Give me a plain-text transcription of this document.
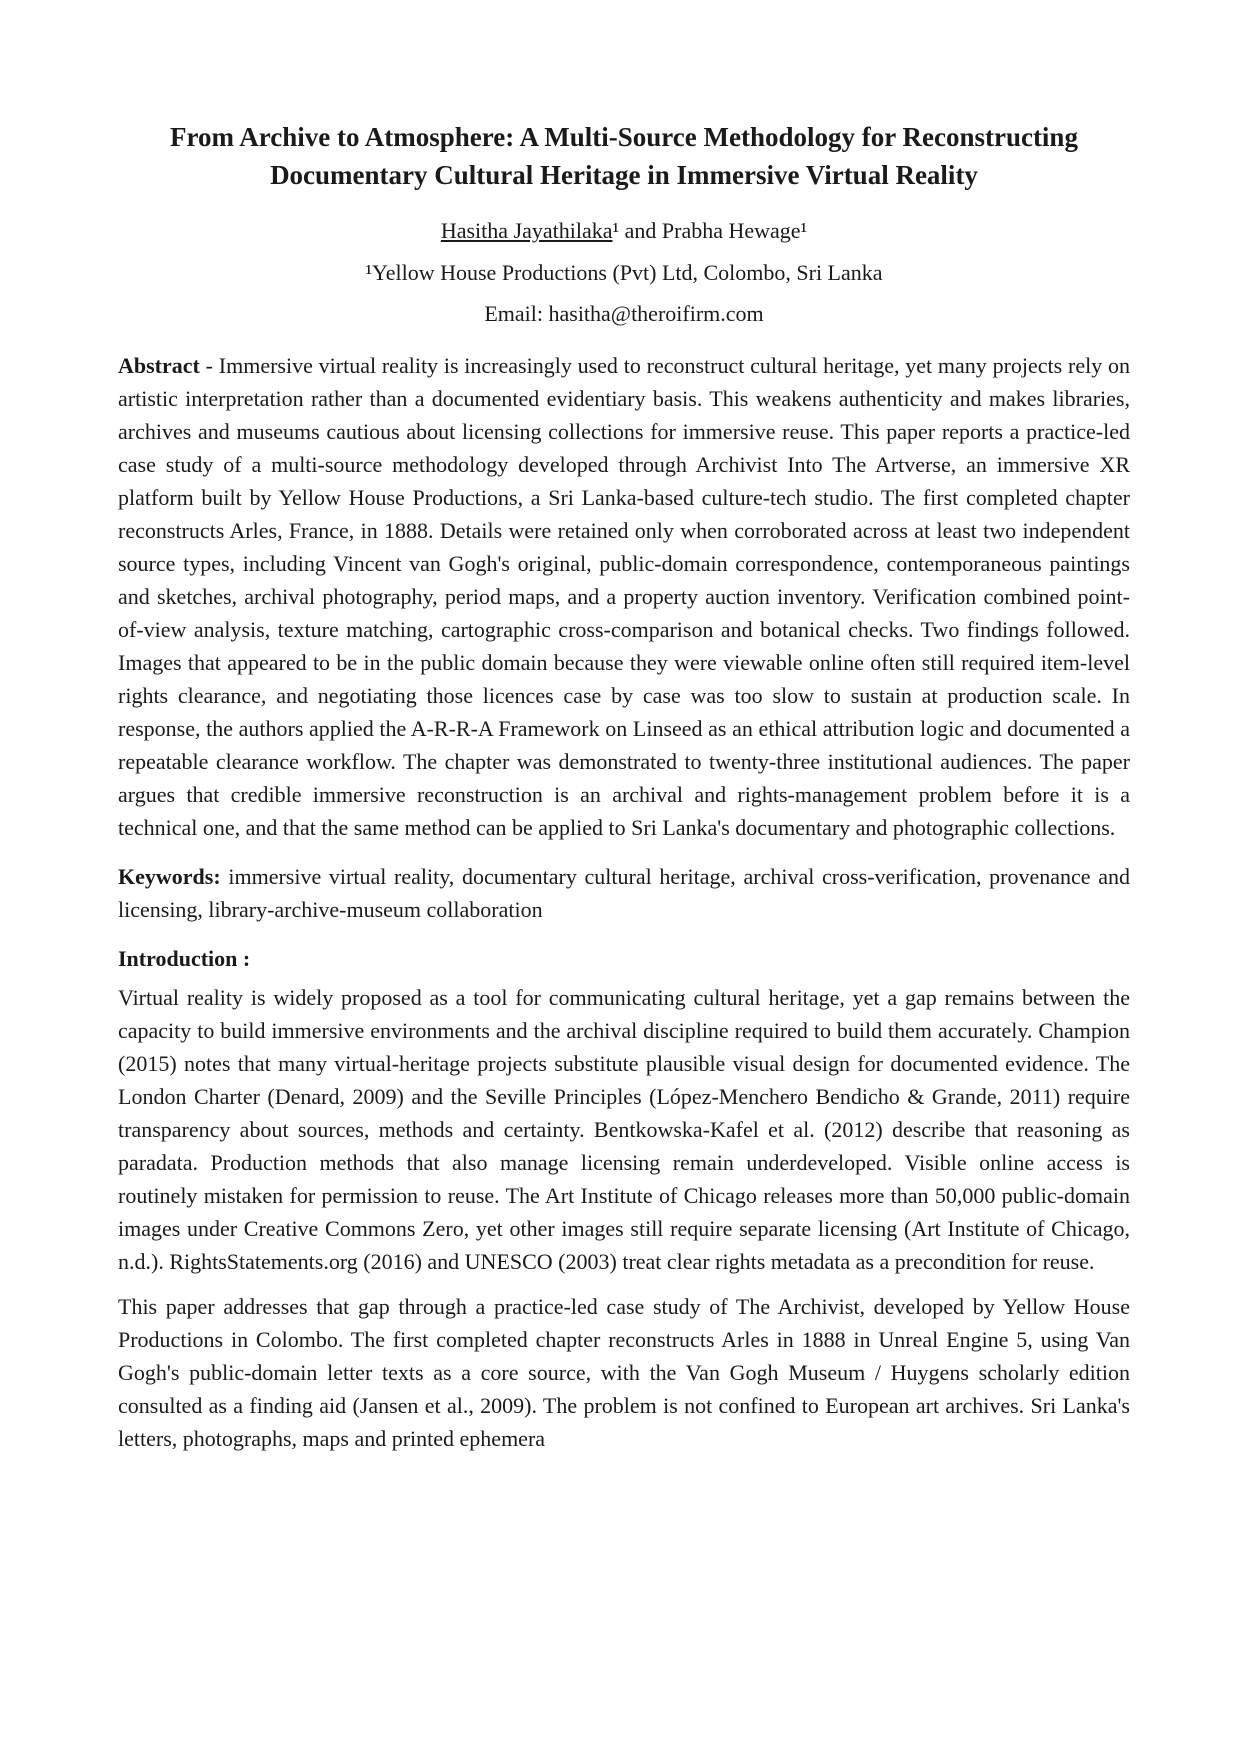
From Archive to Atmosphere: A Multi-Source Methodology for Reconstructing
Documentary Cultural Heritage in Immersive Virtual Reality

Hasitha Jayathilaka¹ and Prabha Hewage¹

¹Yellow House Productions (Pvt) Ltd, Colombo, Sri Lanka

Email: hasitha@theroifirm.com

Abstract - Immersive virtual reality is increasingly used to reconstruct cultural heritage, yet many projects rely on artistic interpretation rather than a documented evidentiary basis. This weakens authenticity and makes libraries, archives and museums cautious about licensing collections for immersive reuse. This paper reports a practice-led case study of a multi-source methodology developed through Archivist Into The Artverse, an immersive XR platform built by Yellow House Productions, a Sri Lanka-based culture-tech studio. The first completed chapter reconstructs Arles, France, in 1888. Details were retained only when corroborated across at least two independent source types, including Vincent van Gogh's original, public-domain correspondence, contemporaneous paintings and sketches, archival photography, period maps, and a property auction inventory. Verification combined point-of-view analysis, texture matching, cartographic cross-comparison and botanical checks. Two findings followed. Images that appeared to be in the public domain because they were viewable online often still required item-level rights clearance, and negotiating those licences case by case was too slow to sustain at production scale. In response, the authors applied the A-R-R-A Framework on Linseed as an ethical attribution logic and documented a repeatable clearance workflow. The chapter was demonstrated to twenty-three institutional audiences. The paper argues that credible immersive reconstruction is an archival and rights-management problem before it is a technical one, and that the same method can be applied to Sri Lanka's documentary and photographic collections.

Keywords: immersive virtual reality, documentary cultural heritage, archival cross-verification, provenance and licensing, library-archive-museum collaboration

Introduction :

Virtual reality is widely proposed as a tool for communicating cultural heritage, yet a gap remains between the capacity to build immersive environments and the archival discipline required to build them accurately. Champion (2015) notes that many virtual-heritage projects substitute plausible visual design for documented evidence. The London Charter (Denard, 2009) and the Seville Principles (López-Menchero Bendicho & Grande, 2011) require transparency about sources, methods and certainty. Bentkowska-Kafel et al. (2012) describe that reasoning as paradata. Production methods that also manage licensing remain underdeveloped. Visible online access is routinely mistaken for permission to reuse. The Art Institute of Chicago releases more than 50,000 public-domain images under Creative Commons Zero, yet other images still require separate licensing (Art Institute of Chicago, n.d.). RightsStatements.org (2016) and UNESCO (2003) treat clear rights metadata as a precondition for reuse.

This paper addresses that gap through a practice-led case study of The Archivist, developed by Yellow House Productions in Colombo. The first completed chapter reconstructs Arles in 1888 in Unreal Engine 5, using Van Gogh's public-domain letter texts as a core source, with the Van Gogh Museum / Huygens scholarly edition consulted as a finding aid (Jansen et al., 2009). The problem is not confined to European art archives. Sri Lanka's letters, photographs, maps and printed ephemera
